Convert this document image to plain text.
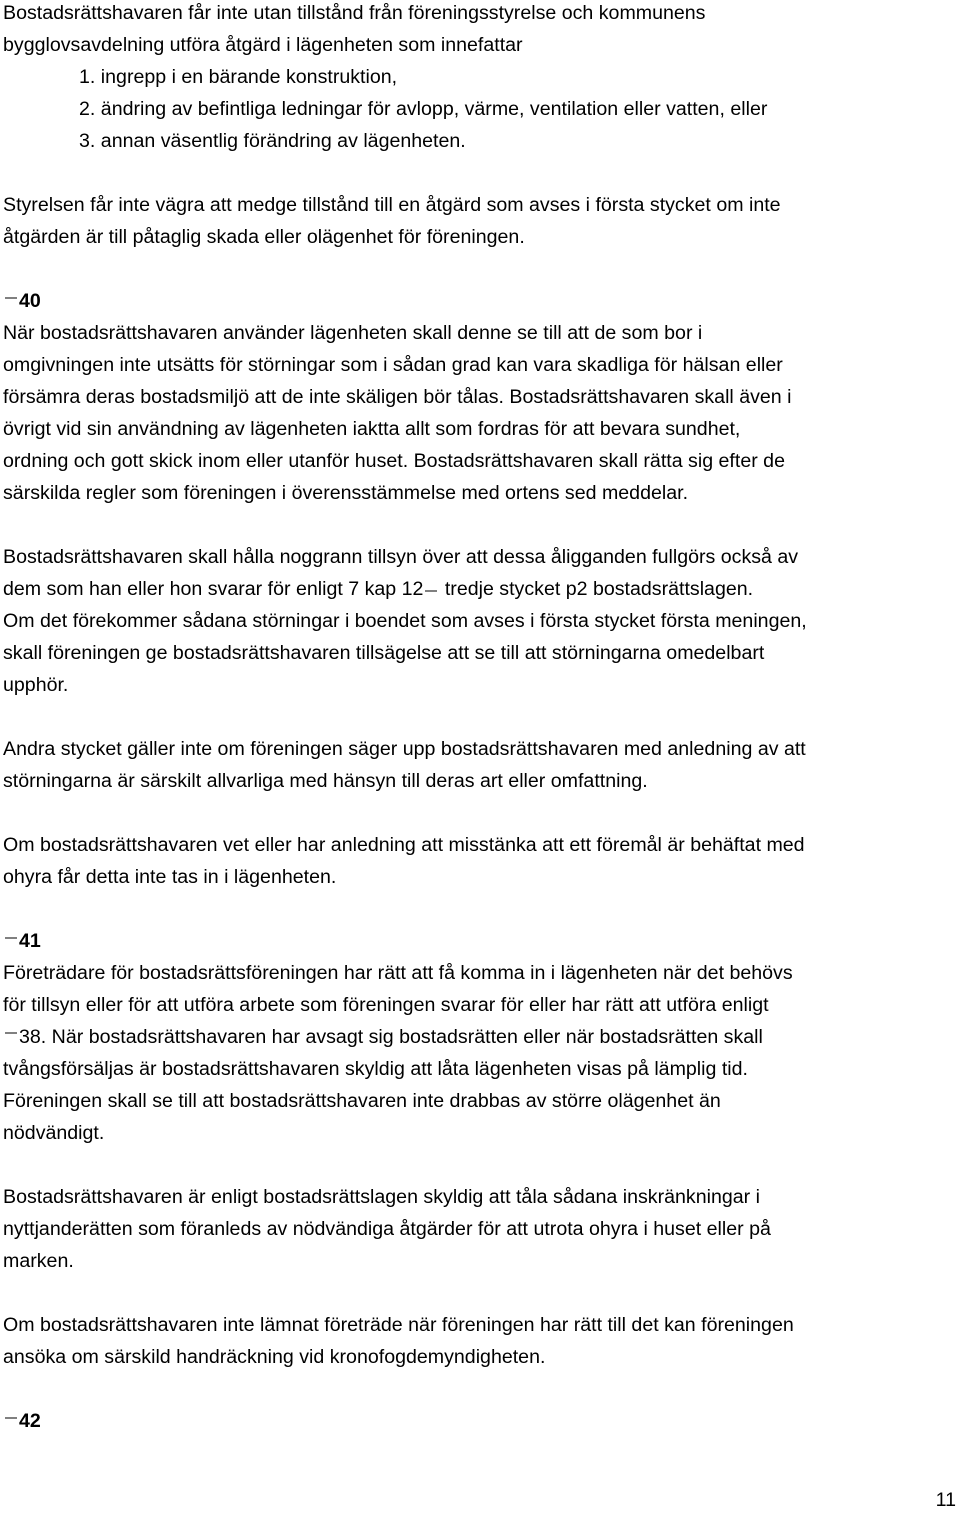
Bostadsrättshavaren får inte utan tillstånd från föreningsstyrelse och kommunens
bygglovsavdelning utföra åtgärd i lägenheten som innefattar

1. ingrepp i en bärande konstruktion,
2. ändring av befintliga ledningar för avlopp, värme, ventilation eller vatten, eller
3. annan väsentlig förändring av lägenheten.

Styrelsen får inte vägra att medge tillstånd till en åtgärd som avses i första stycket om inte
åtgärden är till påtaglig skada eller olägenhet för föreningen.

40

När bostadsrättshavaren använder lägenheten skall denne se till att de som bor i
omgivningen inte utsätts för störningar som i sådan grad kan vara skadliga för hälsan eller
försämra deras bostadsmiljö att de inte skäligen bör tålas. Bostadsrättshavaren skall även i
övrigt vid sin användning av lägenheten iaktta allt som fordras för att bevara sundhet,
ordning och gott skick inom eller utanför huset. Bostadsrättshavaren skall rätta sig efter de
särskilda regler som föreningen i överensstämmelse med ortens sed meddelar.

Bostadsrättshavaren skall hålla noggrann tillsyn över att dessa åligganden fullgörs också av
dem som han eller hon svarar för enligt 7 kap 12
tredje stycket p2 bostadsrättslagen.
Om det förekommer sådana störningar i boendet som avses i första stycket första meningen,
skall föreningen ge bostadsrättshavaren tillsägelse att se till att störningarna omedelbart
upphör.

Andra stycket gäller inte om föreningen säger upp bostadsrättshavaren med anledning av att
störningarna är särskilt allvarliga med hänsyn till deras art eller omfattning.

Om bostadsrättshavaren vet eller har anledning att misstänka att ett föremål är behäftat med
ohyra får detta inte tas in i lägenheten.

41

Företrädare för bostadsrättsföreningen har rätt att få komma in i lägenheten när det behövs
för tillsyn eller för att utföra arbete som föreningen svarar för eller har rätt att utföra enligt

38. När bostadsrättshavaren har avsagt sig bostadsrätten eller när bostadsrätten skall
tvångsförsäljas är bostadsrättshavaren skyldig att låta lägenheten visas på lämplig tid.
Föreningen skall se till att bostadsrättshavaren inte drabbas av större olägenhet än
nödvändigt.

Bostadsrättshavaren är enligt bostadsrättslagen skyldig att tåla sådana inskränkningar i
nyttjanderätten som föranleds av nödvändiga åtgärder för att utrota ohyra i huset eller på
marken.

Om bostadsrättshavaren inte lämnat företräde när föreningen har rätt till det kan föreningen
ansöka om särskild handräckning vid kronofogdemyndigheten.

42
11
